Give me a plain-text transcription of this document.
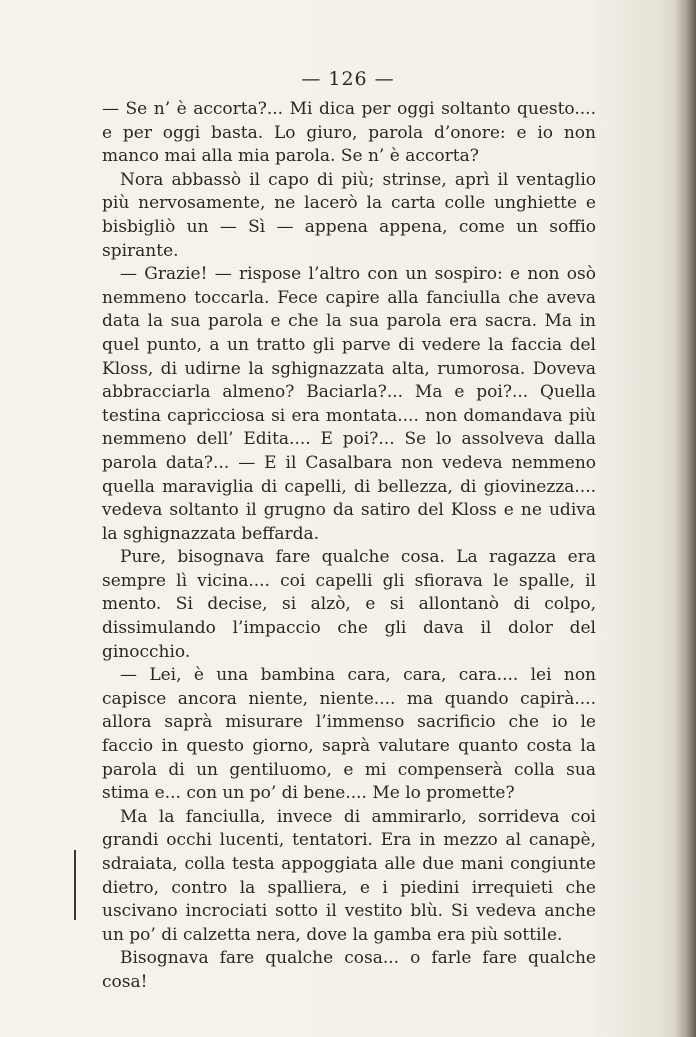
— 126 —

— Se n’ è accorta?... Mi dica per oggi soltanto questo.... e per oggi basta. Lo giuro, parola d’onore: e io non manco mai alla mia parola. Se n’ è accorta?

Nora abbassò il capo di più; strinse, aprì il ventaglio più nervosamente, ne lacerò la carta colle unghiette e bisbigliò un — Sì — appena appena, come un soffio spirante.

— Grazie! — rispose l’altro con un sospiro: e non osò nemmeno toccarla. Fece capire alla fanciulla che aveva data la sua parola e che la sua parola era sacra. Ma in quel punto, a un tratto gli parve di vedere la faccia del Kloss, di udirne la sghignazzata alta, rumorosa. Doveva abbracciarla almeno? Baciarla?... Ma e poi?... Quella testina capricciosa si era montata.... non domandava più nemmeno dell’ Edita.... E poi?... Se lo assolveva dalla parola data?... — E il Casalbara non vedeva nemmeno quella maraviglia di capelli, di bellezza, di giovinezza.... vedeva soltanto il grugno da satiro del Kloss e ne udiva la sghignazzata beffarda.

Pure, bisognava fare qualche cosa. La ragazza era sempre lì vicina.... coi capelli gli sfiorava le spalle, il mento. Si decise, si alzò, e si allontanò di colpo, dissimulando l’impaccio che gli dava il dolor del ginocchio.

— Lei, è una bambina cara, cara, cara.... lei non capisce ancora niente, niente.... ma quando capirà.... allora saprà misurare l’immenso sacrificio che io le faccio in questo giorno, saprà valutare quanto costa la parola di un gentiluomo, e mi compenserà colla sua stima e... con un po’ di bene.... Me lo promette?

Ma la fanciulla, invece di ammirarlo, sorrideva coi grandi occhi lucenti, tentatori. Era in mezzo al canapè, sdraiata, colla testa appoggiata alle due mani congiunte dietro, contro la spalliera, e i piedini irrequieti che uscivano incrociati sotto il vestito blù. Si vedeva anche un po’ di calzetta nera, dove la gamba era più sottile.

Bisognava fare qualche cosa... o farle fare qualche cosa!
